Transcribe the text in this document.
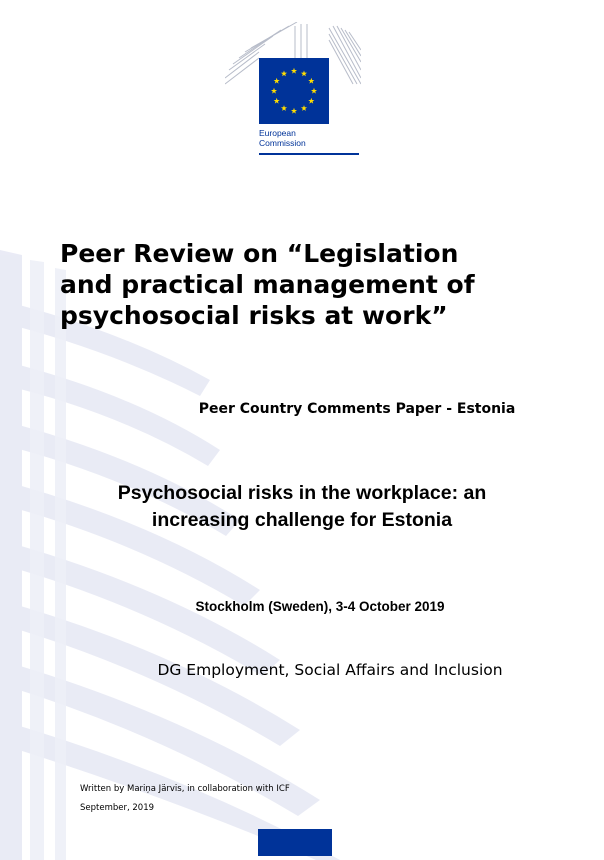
European
Commission
Peer Review on “Legislation
and practical management of
psychosocial risks at work”

Peer Country Comments Paper - Estonia

Psychosocial risks in the workplace: an
increasing challenge for Estonia

Stockholm (Sweden), 3-4 October 2019

DG Employment, Social Affairs and Inclusion

Written by Mariņa Järvis, in collaboration with ICF

September, 2019
